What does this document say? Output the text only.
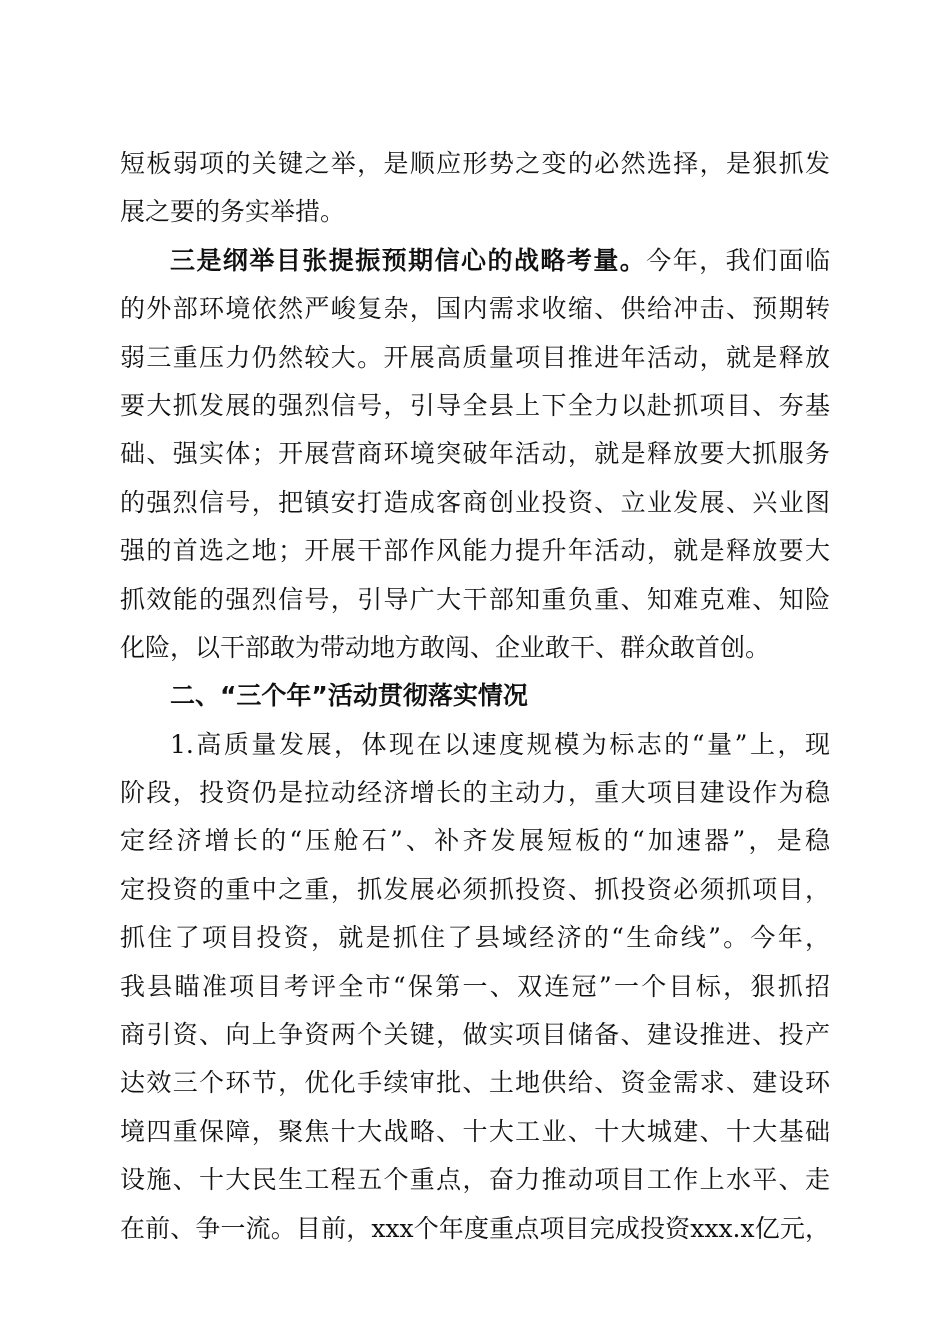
短板弱项的关键之举，是顺应形势之变的必然选择，是狠抓发
展之要的务实举措。
三是纲举目张提振预期信心的战略考量。今年，我们面临
的外部环境依然严峻复杂，国内需求收缩、供给冲击、预期转
弱三重压力仍然较大。开展高质量项目推进年活动，就是释放
要大抓发展的强烈信号，引导全县上下全力以赴抓项目、夯基
础、强实体；开展营商环境突破年活动，就是释放要大抓服务
的强烈信号，把镇安打造成客商创业投资、立业发展、兴业图
强的首选之地；开展干部作风能力提升年活动，就是释放要大
抓效能的强烈信号，引导广大干部知重负重、知难克难、知险
化险，以干部敢为带动地方敢闯、企业敢干、群众敢首创。
二、“三个年”活动贯彻落实情况
1.高质量发展，体现在以速度规模为标志的“量”上，现
阶段，投资仍是拉动经济增长的主动力，重大项目建设作为稳
定经济增长的“压舱石”、补齐发展短板的“加速器”，是稳
定投资的重中之重，抓发展必须抓投资、抓投资必须抓项目，
抓住了项目投资，就是抓住了县域经济的“生命线”。今年，
我县瞄准项目考评全市“保第一、双连冠”一个目标，狠抓招
商引资、向上争资两个关键，做实项目储备、建设推进、投产
达效三个环节，优化手续审批、土地供给、资金需求、建设环
境四重保障，聚焦十大战略、十大工业、十大城建、十大基础
设施、十大民生工程五个重点，奋力推动项目工作上水平、走
在前、争一流。目前，xxx个年度重点项目完成投资xxx.x亿元，
